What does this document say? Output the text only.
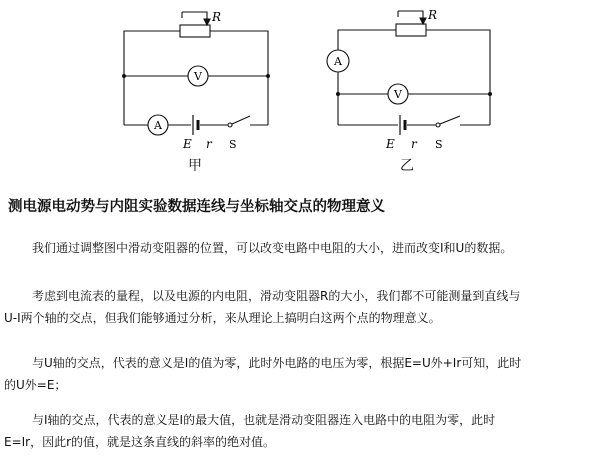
R
V
A
E r S
甲
R
A
V
E r S
乙
测电源电动势与内阻实验数据连线与坐标轴交点的物理意义
我们通过调整图中滑动变阻器的位置，可以改变电路中电阻的大小，进而改变I和U的数据。
考虑到电流表的量程，以及电源的内电阻，滑动变阻器R的大小，我们都不可能测量到直线与
U-I两个轴的交点，但我们能够通过分析，来从理论上搞明白这两个点的物理意义。
与U轴的交点，代表的意义是I的值为零，此时外电路的电压为零，根据E=U外+Ir可知，此时
的U外=E；
与I轴的交点，代表的意义是I的最大值，也就是滑动变阻器连入电路中的电阻为零，此时
E=Ir，因此r的值，就是这条直线的斜率的绝对值。
